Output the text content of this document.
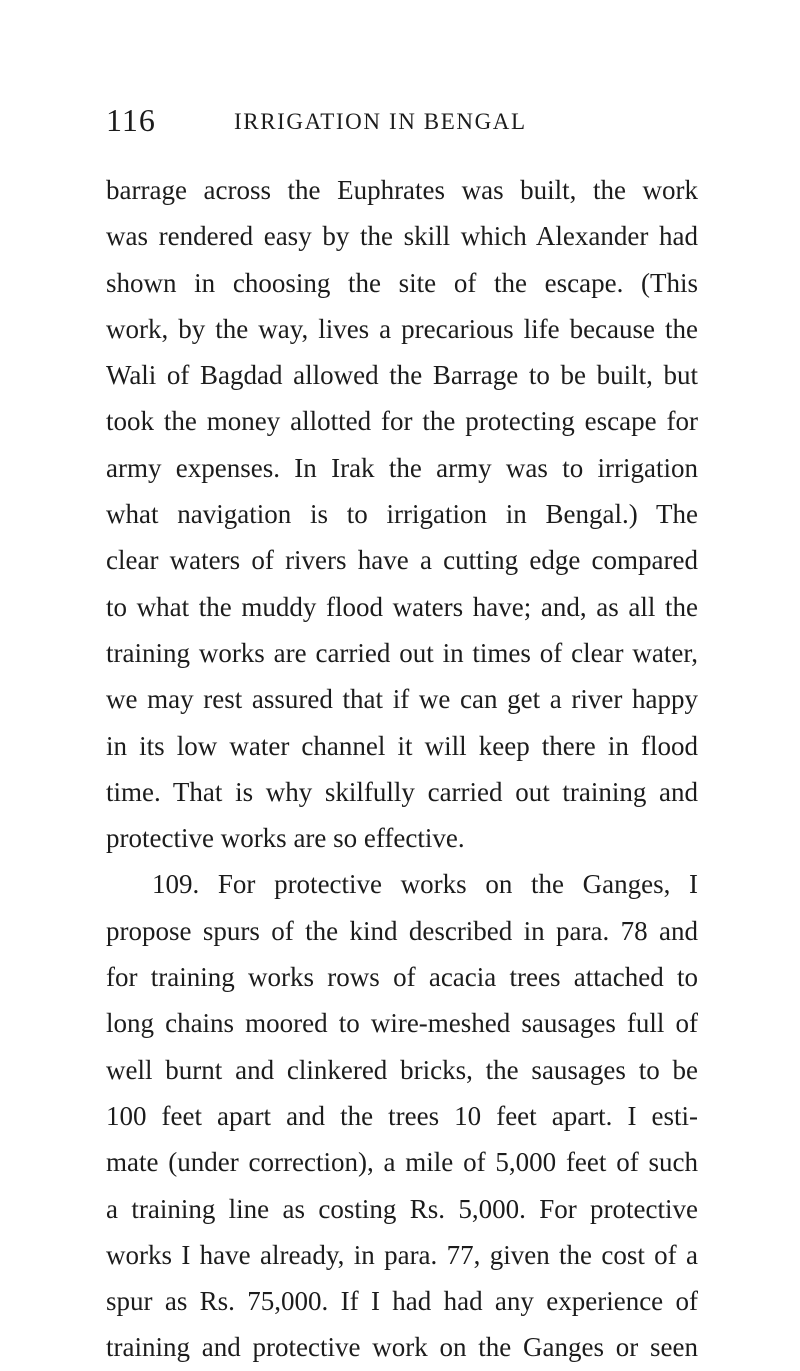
116	IRRIGATION IN BENGAL
barrage across the Euphrates was built, the work
was rendered easy by the skill which Alexander had
shown in choosing the site of the escape. (This
work, by the way, lives a precarious life because the
Wali of Bagdad allowed the Barrage to be built, but
took the money allotted for the protecting escape for
army expenses. In Irak the army was to irrigation
what navigation is to irrigation in Bengal.) The
clear waters of rivers have a cutting edge compared
to what the muddy flood waters have; and, as all the
training works are carried out in times of clear water,
we may rest assured that if we can get a river happy
in its low water channel it will keep there in flood
time. That is why skilfully carried out training and
protective works are so effective.
109. For protective works on the Ganges, I
propose spurs of the kind described in para. 78 and
for training works rows of acacia trees attached to
long chains moored to wire-meshed sausages full of
well burnt and clinkered bricks, the sausages to be
100 feet apart and the trees 10 feet apart. I esti-
mate (under correction), a mile of 5,000 feet of such
a training line as costing Rs. 5,000. For protective
works I have already, in para. 77, given the cost of a
spur as Rs. 75,000. If I had had any experience of
training and protective work on the Ganges or seen
